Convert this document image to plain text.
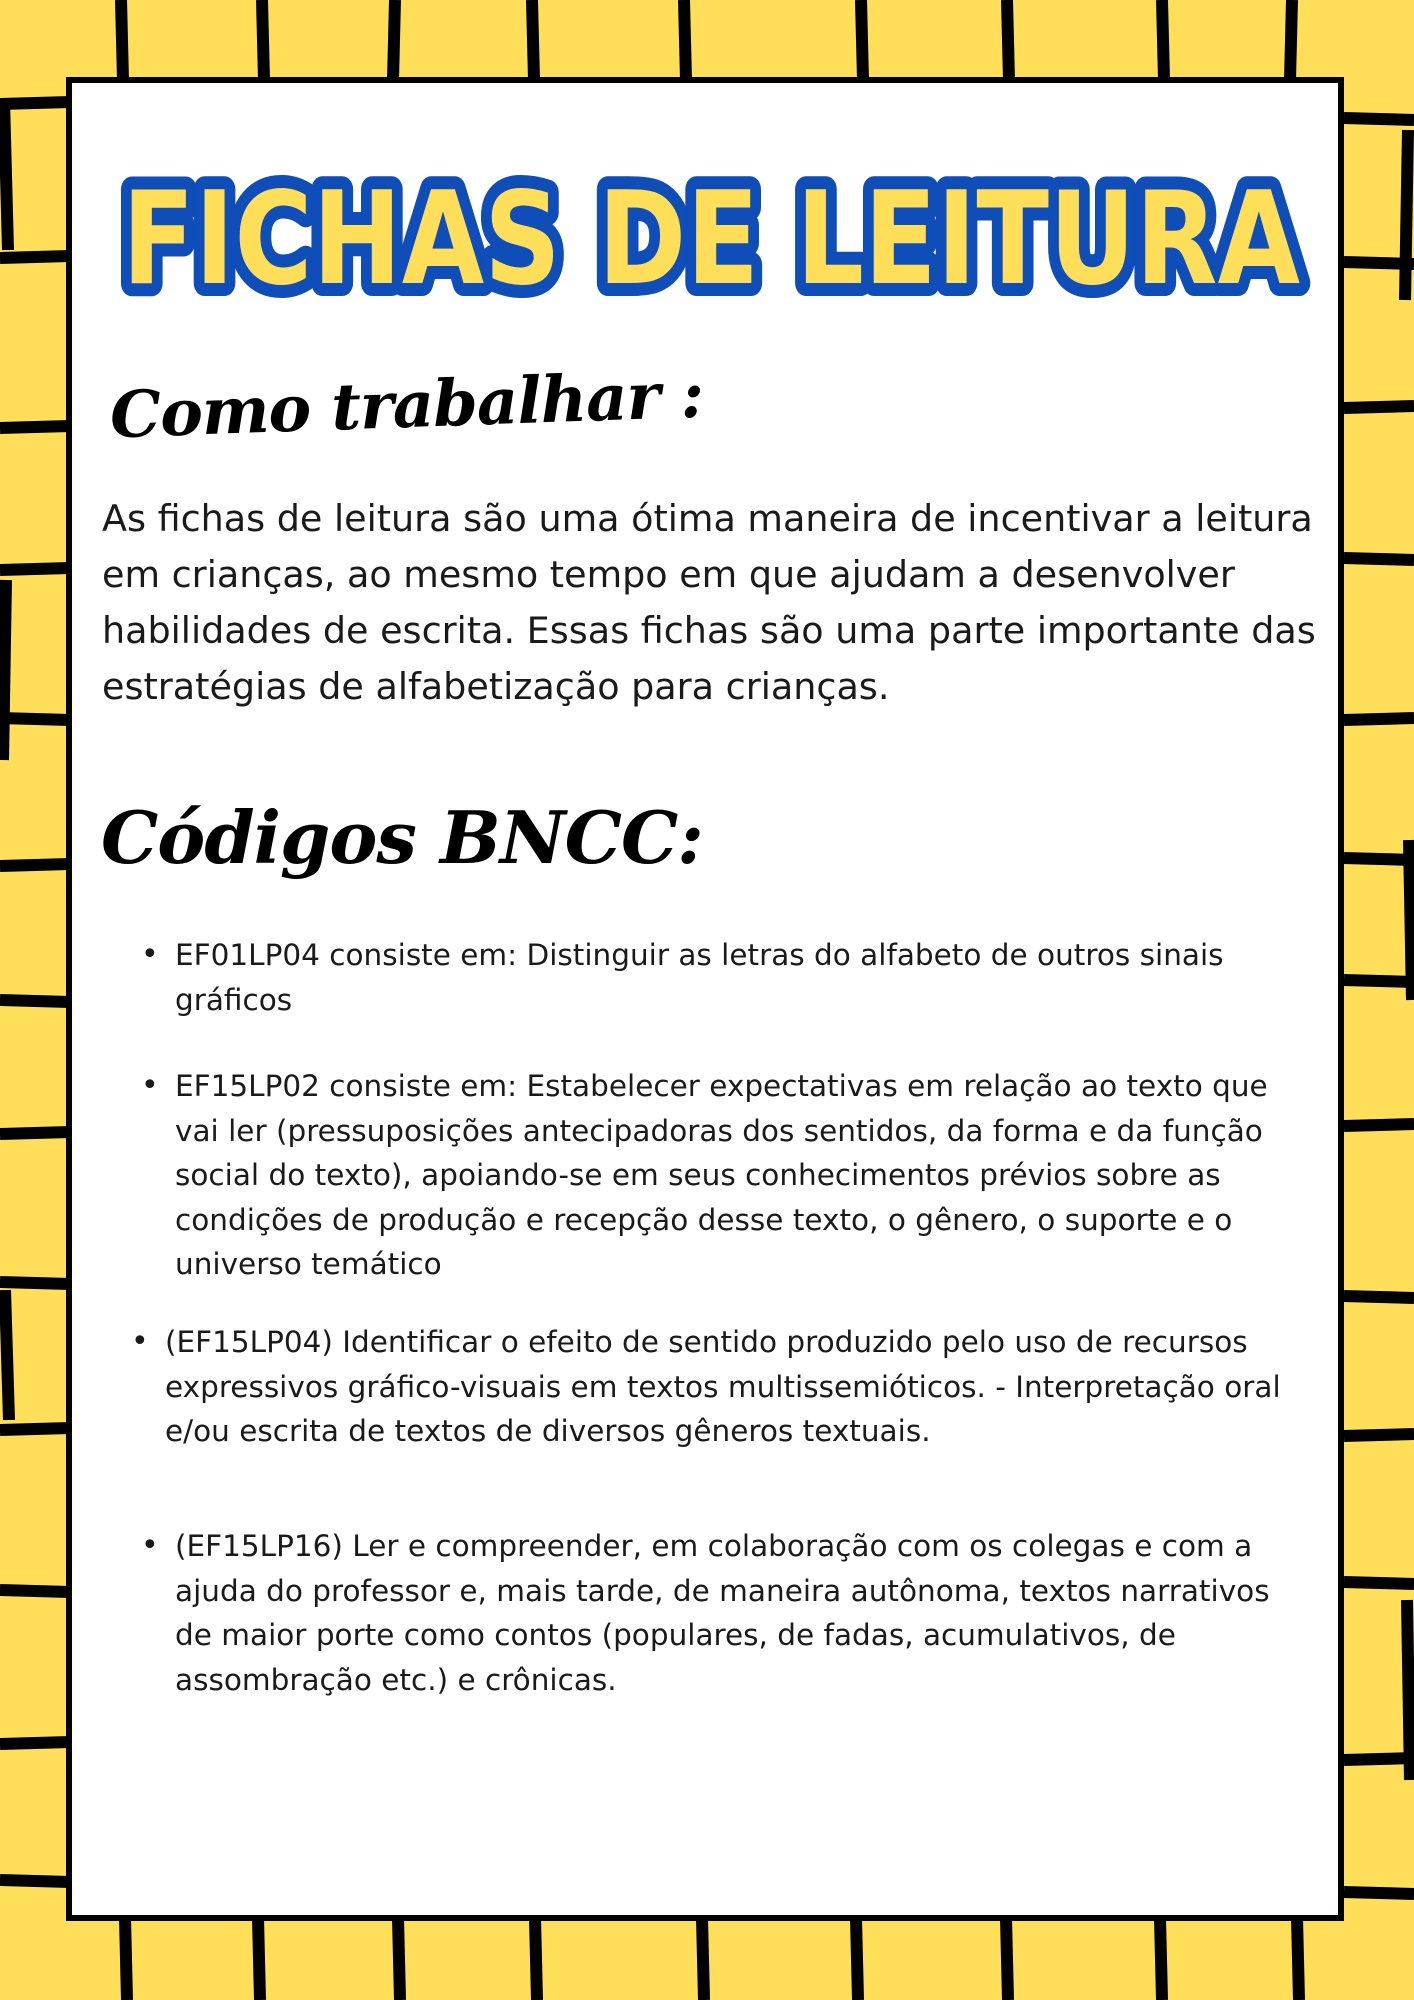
FICHAS DE LEITURA
Como trabalhar :

As fichas de leitura são uma ótima maneira de incentivar a leitura em crianças, ao mesmo tempo em que ajudam a desenvolver habilidades de escrita. Essas fichas são uma parte importante das estratégias de alfabetização para crianças.

Códigos BNCC:
• EF01LP04 consiste em: Distinguir as letras do alfabeto de outros sinais gráficos
• EF15LP02 consiste em: Estabelecer expectativas em relação ao texto que vai ler (pressuposições antecipadoras dos sentidos, da forma e da função social do texto), apoiando-se em seus conhecimentos prévios sobre as condições de produção e recepção desse texto, o gênero, o suporte e o universo temático
• (EF15LP04) Identificar o efeito de sentido produzido pelo uso de recursos expressivos gráfico-visuais em textos multissemióticos. - Interpretação oral e/ou escrita de textos de diversos gêneros textuais.
• (EF15LP16) Ler e compreender, em colaboração com os colegas e com a ajuda do professor e, mais tarde, de maneira autônoma, textos narrativos de maior porte como contos (populares, de fadas, acumulativos, de assombração etc.) e crônicas.
